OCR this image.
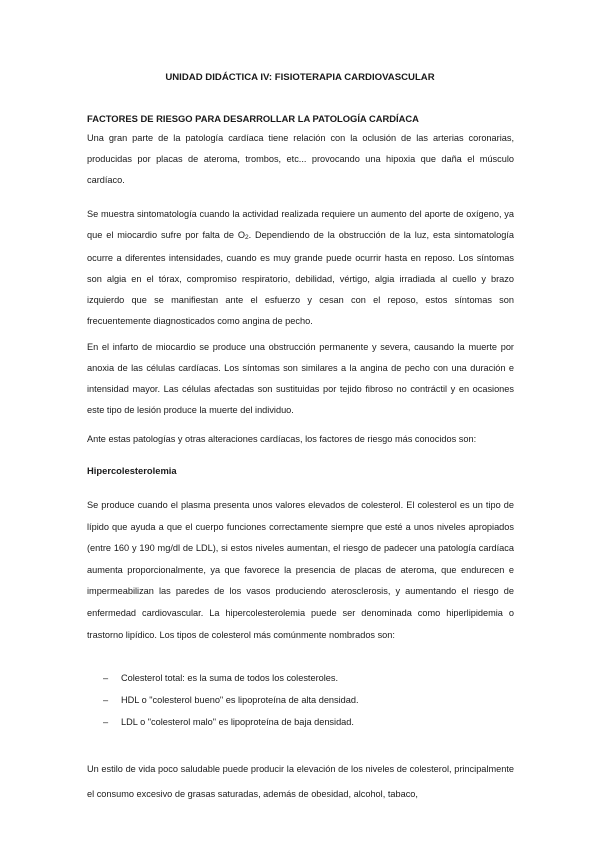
UNIDAD DIDÁCTICA IV: FISIOTERAPIA CARDIOVASCULAR
FACTORES DE RIESGO PARA DESARROLLAR LA PATOLOGÍA CARDÍACA
Una gran parte de la patología cardíaca tiene relación con la oclusión de las arterias coronarias, producidas por placas de ateroma, trombos, etc... provocando una hipoxia que daña el músculo cardíaco.
Se muestra sintomatología cuando la actividad realizada requiere un aumento del aporte de oxígeno, ya que el miocardio sufre por falta de $O_2$. Dependiendo de la obstrucción de la luz, esta sintomatología ocurre a diferentes intensidades, cuando es muy grande puede ocurrir hasta en reposo. Los síntomas son algia en el tórax, compromiso respiratorio, debilidad, vértigo, algia irradiada al cuello y brazo izquierdo que se manifiestan ante el esfuerzo y cesan con el reposo, estos síntomas son frecuentemente diagnosticados como angina de pecho.
En el infarto de miocardio se produce una obstrucción permanente y severa, causando la muerte por anoxia de las células cardíacas. Los síntomas son similares a la angina de pecho con una duración e intensidad mayor. Las células afectadas son sustituidas por tejido fibroso no contráctil y en ocasiones este tipo de lesión produce la muerte del individuo.
Ante estas patologías y otras alteraciones cardíacas, los factores de riesgo más conocidos son:
Hipercolesterolemia
Se produce cuando el plasma presenta unos valores elevados de colesterol. El colesterol es un tipo de lípido que ayuda a que el cuerpo funciones correctamente siempre que esté a unos niveles apropiados (entre 160 y 190 mg/dl de LDL), si estos niveles aumentan, el riesgo de padecer una patología cardíaca aumenta proporcionalmente, ya que favorece la presencia de placas de ateroma, que endurecen e impermeabilizan las paredes de los vasos produciendo aterosclerosis, y aumentando el riesgo de enfermedad cardiovascular. La hipercolesterolemia puede ser denominada como hiperlipidemia o trastorno lipídico. Los tipos de colesterol más comúnmente nombrados son:
–	Colesterol total: es la suma de todos los colesteroles.
–	HDL o "colesterol bueno" es lipoproteína de alta densidad.
–	LDL o "colesterol malo" es lipoproteína de baja densidad.
Un estilo de vida poco saludable puede producir la elevación de los niveles de colesterol, principalmente el consumo excesivo de grasas saturadas, además de obesidad, alcohol, tabaco,
